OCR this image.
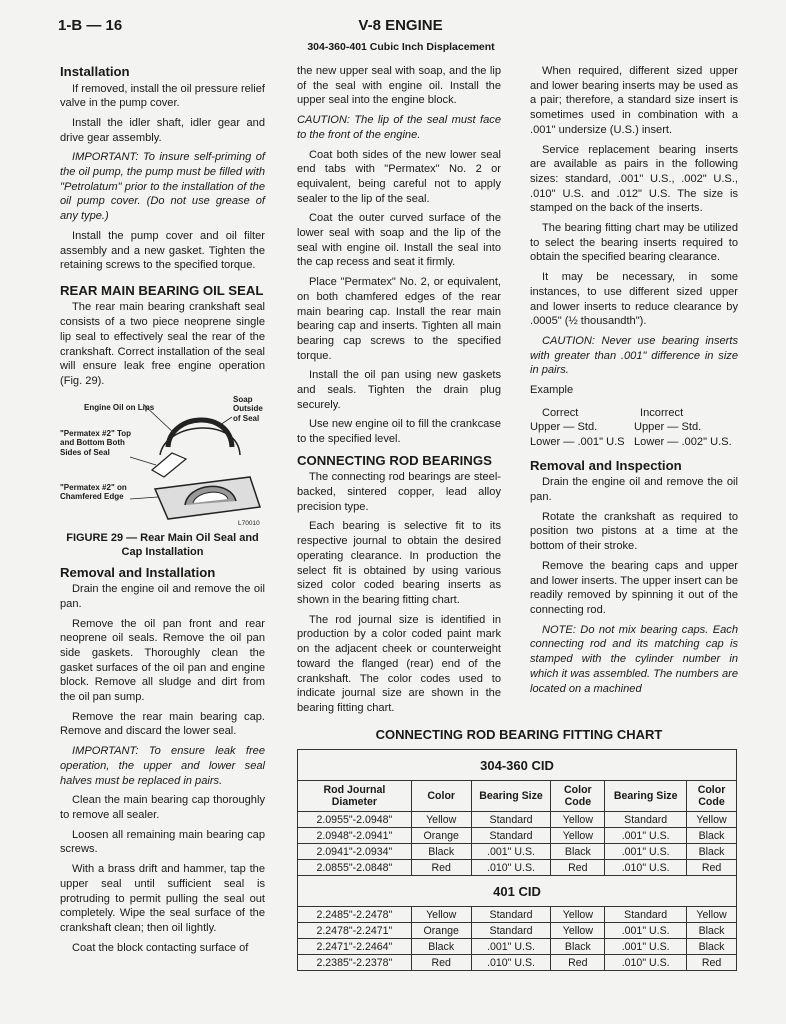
1-B — 16	V-8 ENGINE
304-360-401 Cubic Inch Displacement
Installation

If removed, install the oil pressure relief valve in the pump cover.

Install the idler shaft, idler gear and drive gear assembly.

IMPORTANT: To insure self-priming of the oil pump, the pump must be filled with "Petrolatum" prior to the installation of the oil pump cover. (Do not use grease of any type.)

Install the pump cover and oil filter assembly and a new gasket. Tighten the retaining screws to the specified torque.

REAR MAIN BEARING OIL SEAL

The rear main bearing crankshaft seal consists of a two piece neoprene single lip seal to effectively seal the rear of the crankshaft. Correct installation of the seal will ensure leak free engine operation (Fig. 29).

Engine Oil on Lips
Soap Outside of Seal
"Permatex #2" Top and Bottom Both Sides of Seal
"Permatex #2" on Chamfered Edge
L70010
FIGURE 29 — Rear Main Oil Seal and Cap Installation
Removal and Installation

Drain the engine oil and remove the oil pan.

Remove the oil pan front and rear neoprene oil seals. Remove the oil pan side gaskets. Thoroughly clean the gasket surfaces of the oil pan and engine block. Remove all sludge and dirt from the oil pan sump.

Remove the rear main bearing cap. Remove and discard the lower seal.

IMPORTANT: To ensure leak free operation, the upper and lower seal halves must be replaced in pairs.

Clean the main bearing cap thoroughly to remove all sealer.

Loosen all remaining main bearing cap screws.

With a brass drift and hammer, tap the upper seal until sufficient seal is protruding to permit pulling the seal out completely. Wipe the seal surface of the crankshaft clean; then oil lightly.

Coat the block contacting surface of

the new upper seal with soap, and the lip of the seal with engine oil. Install the upper seal into the engine block.

CAUTION: The lip of the seal must face to the front of the engine.

Coat both sides of the new lower seal end tabs with "Permatex" No. 2 or equivalent, being careful not to apply sealer to the lip of the seal.

Coat the outer curved surface of the lower seal with soap and the lip of the seal with engine oil. Install the seal into the cap recess and seat it firmly.

Place "Permatex" No. 2, or equivalent, on both chamfered edges of the rear main bearing cap. Install the rear main bearing cap and inserts. Tighten all main bearing cap screws to the specified torque.

Install the oil pan using new gaskets and seals. Tighten the drain plug securely.

Use new engine oil to fill the crankcase to the specified level.

CONNECTING ROD BEARINGS

The connecting rod bearings are steel-backed, sintered copper, lead alloy precision type.

Each bearing is selective fit to its respective journal to obtain the desired operating clearance. In production the select fit is obtained by using various sized color coded bearing inserts as shown in the bearing fitting chart.

The rod journal size is identified in production by a color coded paint mark on the adjacent cheek or counterweight toward the flanged (rear) end of the crankshaft. The color codes used to indicate journal size are shown in the bearing fitting chart.

When required, different sized upper and lower bearing inserts may be used as a pair; therefore, a standard size insert is sometimes used in combination with a .001" undersize (U.S.) insert.

Service replacement bearing inserts are available as pairs in the following sizes: standard, .001" U.S., .002" U.S., .010" U.S. and .012" U.S. The size is stamped on the back of the inserts.

The bearing fitting chart may be utilized to select the bearing inserts required to obtain the specified bearing clearance.

It may be necessary, in some instances, to use different sized upper and lower inserts to reduce clearance by .0005" (½ thousandth").

CAUTION: Never use bearing inserts with greater than .001" difference in size in pairs.

Example

Correct	Incorrect
Upper — Std.	Upper — Std.
Lower — .001" U.S Lower — .002" U.S.
Removal and Inspection

Drain the engine oil and remove the oil pan.

Rotate the crankshaft as required to position two pistons at a time at the bottom of their stroke.

Remove the bearing caps and upper and lower inserts. The upper insert can be readily removed by spinning it out of the connecting rod.

NOTE: Do not mix bearing caps. Each connecting rod and its matching cap is stamped with the cylinder number in which it was assembled. The numbers are located on a machined

CONNECTING ROD BEARING FITTING CHART
304-360 CID					
Rod Journal Diameter	Color	Bearing Size	Color Code	Bearing Size	Color Code
2.0955"-2.0948"	Yellow	Standard	Yellow	Standard	Yellow
2.0948"-2.0941"	Orange	Standard	Yellow	.001" U.S.	Black
2.0941"-2.0934"	Black	.001" U.S.	Black	.001" U.S.	Black
2.0855"-2.0848"	Red	.010" U.S.	Red	.010" U.S.	Red
401 CID					
2.2485"-2.2478"	Yellow	Standard	Yellow	Standard	Yellow
2.2478"-2.2471"	Orange	Standard	Yellow	.001" U.S.	Black
2.2471"-2.2464"	Black	.001" U.S.	Black	.001" U.S.	Black
2.2385"-2.2378"	Red	.010" U.S.	Red	.010" U.S.	Red
